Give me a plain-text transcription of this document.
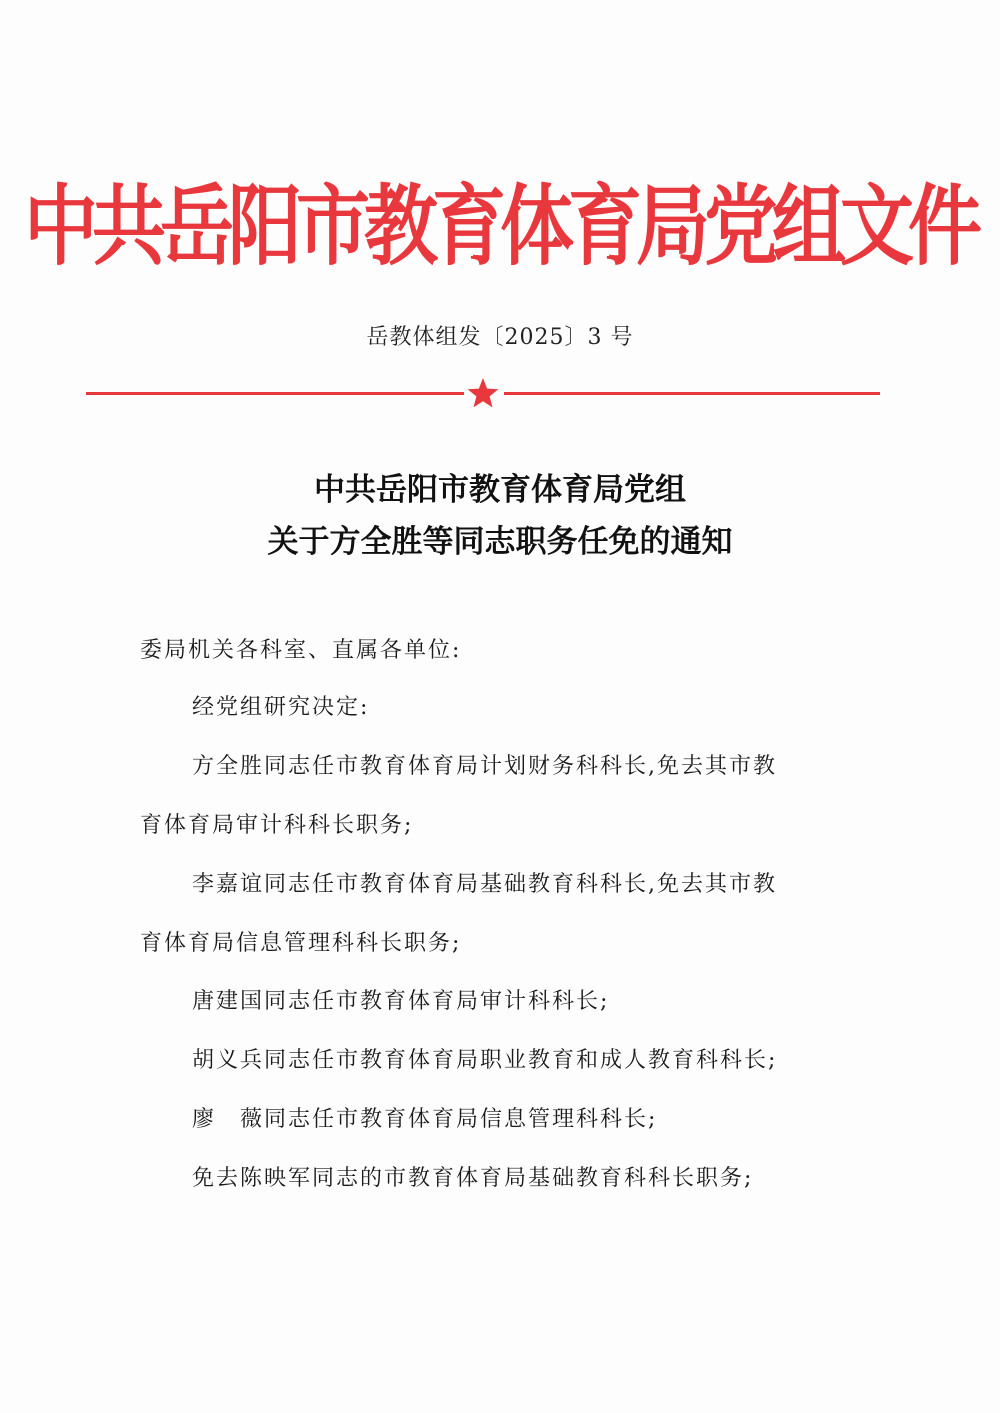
中共岳阳市教育体育局党组文件
岳教体组发〔2025〕3 号
中共岳阳市教育体育局党组
关于方全胜等同志职务任免的通知
委局机关各科室、直属各单位:
经党组研究决定:
方全胜同志任市教育体育局计划财务科科长,免去其市教
育体育局审计科科长职务;
李嘉谊同志任市教育体育局基础教育科科长,免去其市教
育体育局信息管理科科长职务;
唐建国同志任市教育体育局审计科科长;
胡义兵同志任市教育体育局职业教育和成人教育科科长;
廖　薇同志任市教育体育局信息管理科科长;
免去陈映军同志的市教育体育局基础教育科科长职务;
